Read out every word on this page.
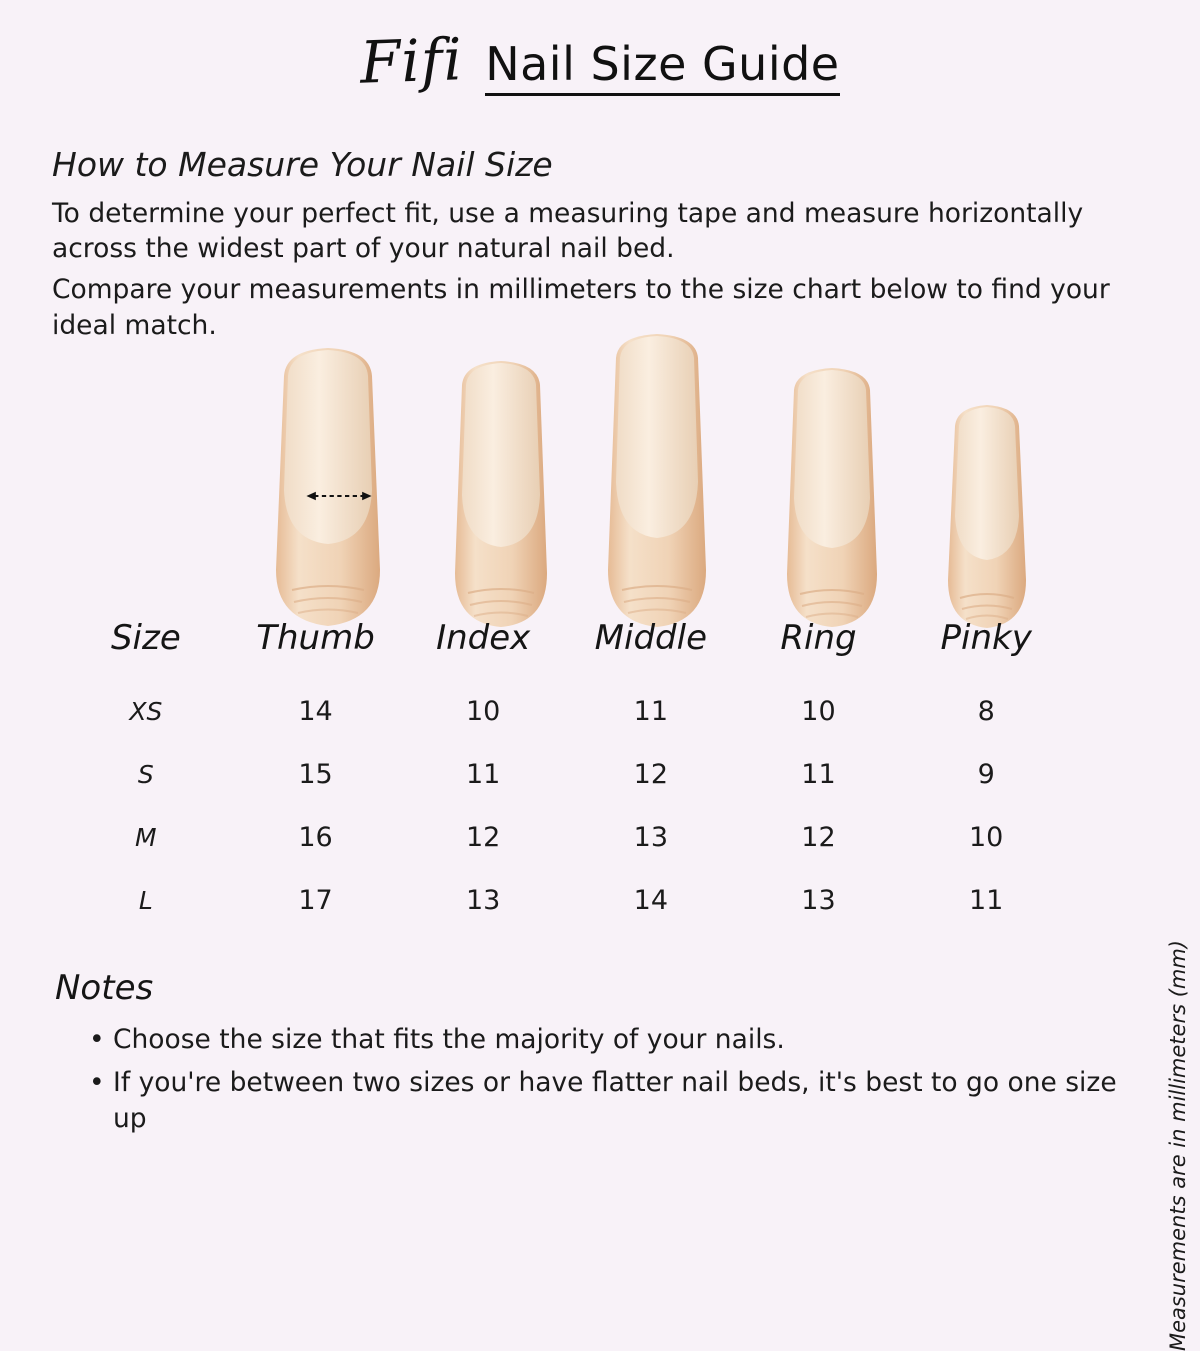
Fifi Nail Size Guide
How to Measure Your Nail Size

To determine your perfect fit, use a measuring tape and measure horizontally across the widest part of your natural nail bed.

Compare your measurements in millimeters to the size chart below to find your ideal match.

Measurements are in millimeters (mm)
Size	Thumb	Index	Middle	Ring	Pinky
XS	14	10	11	10	8
S	15	11	12	11	9
M	16	12	13	12	10
L	17	13	14	13	11
Notes
• Choose the size that fits the majority of your nails.
• If you're between two sizes or have flatter nail beds, it's best to go one size up
